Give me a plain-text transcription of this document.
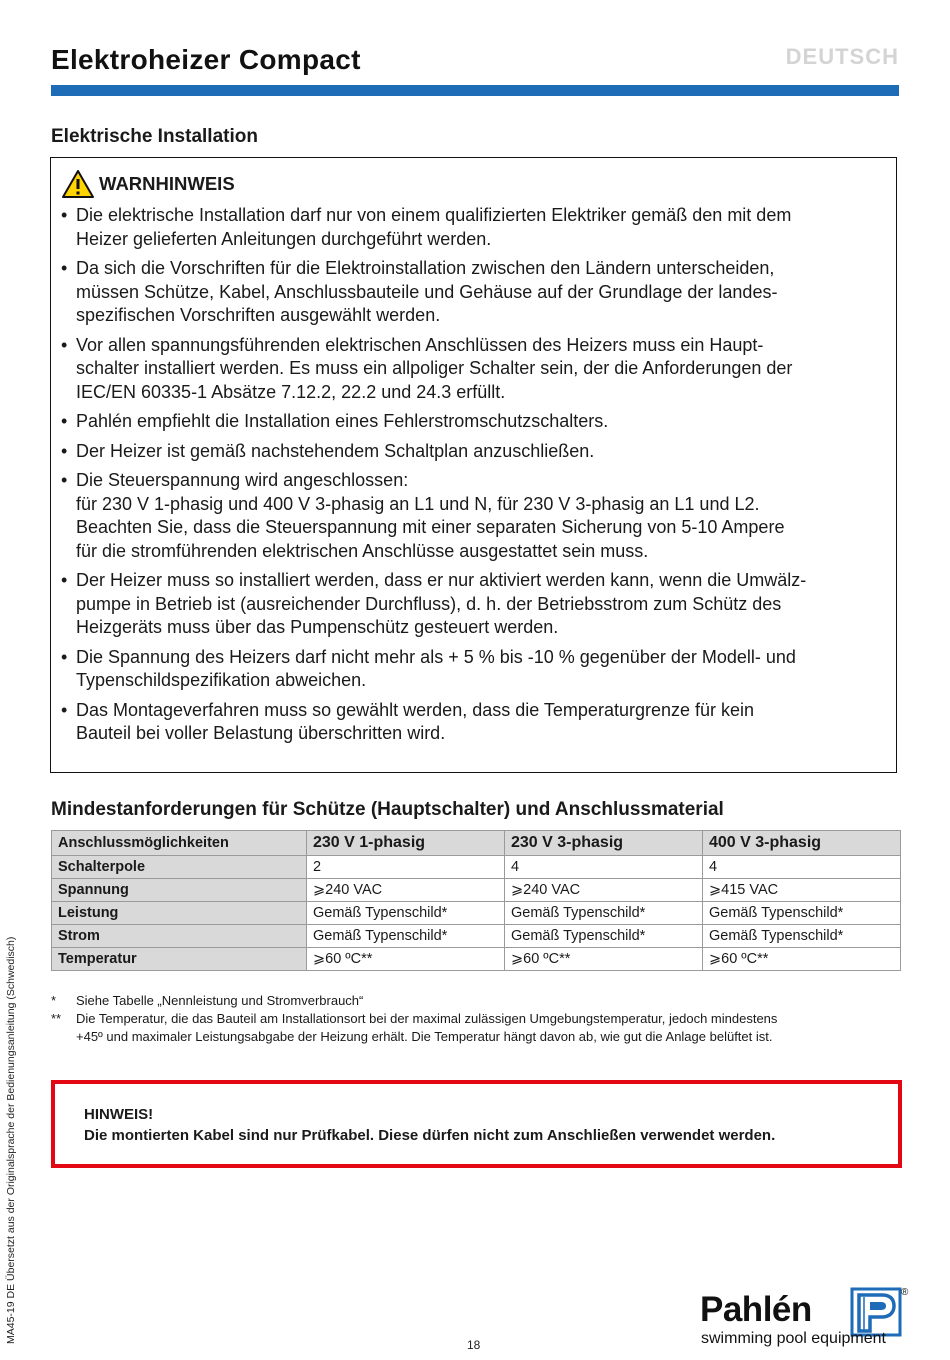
Elektroheizer Compact	DEUTSCH
Elektrische Installation
WARNHINWEIS
• Die elektrische Installation darf nur von einem qualifizierten Elektriker gemäß den mit dem
Heizer gelieferten Anleitungen durchgeführt werden.
• Da sich die Vorschriften für die Elektroinstallation zwischen den Ländern unterscheiden,
müssen Schütze, Kabel, Anschlussbauteile und Gehäuse auf der Grundlage der landes-
spezifischen Vorschriften ausgewählt werden.
• Vor allen spannungsführenden elektrischen Anschlüssen des Heizers muss ein Haupt-
schalter installiert werden. Es muss ein allpoliger Schalter sein, der die Anforderungen der
IEC/EN 60335-1 Absätze 7.12.2, 22.2 und 24.3 erfüllt.
• Pahlén empfiehlt die Installation eines Fehlerstromschutzschalters.
• Der Heizer ist gemäß nachstehendem Schaltplan anzuschließen.
• Die Steuerspannung wird angeschlossen:
für 230 V 1-phasig und 400 V 3-phasig an L1 und N, für 230 V 3-phasig an L1 und L2.
Beachten Sie, dass die Steuerspannung mit einer separaten Sicherung von 5-10 Ampere
für die stromführenden elektrischen Anschlüsse ausgestattet sein muss.
• Der Heizer muss so installiert werden, dass er nur aktiviert werden kann, wenn die Umwälz-
pumpe in Betrieb ist (ausreichender Durchfluss), d. h. der Betriebsstrom zum Schütz des
Heizgeräts muss über das Pumpenschütz gesteuert werden.
• Die Spannung des Heizers darf nicht mehr als + 5 % bis -10 % gegenüber der Modell- und
Typenschildspezifikation abweichen.
• Das Montageverfahren muss so gewählt werden, dass die Temperaturgrenze für kein
Bauteil bei voller Belastung überschritten wird.
Mindestanforderungen für Schütze (Hauptschalter) und Anschlussmaterial
Anschlussmöglichkeiten	230 V 1-phasig	230 V 3-phasig	400 V 3-phasig
Schalterpole	2	4	4
Spannung	⩾240 VAC	⩾240 VAC	⩾415 VAC
Leistung	Gemäß Typenschild*	Gemäß Typenschild*	Gemäß Typenschild*
Strom	Gemäß Typenschild*	Gemäß Typenschild*	Gemäß Typenschild*
Temperatur	⩾60 ºC**	⩾60 ºC**	⩾60 ºC**
*	Siehe Tabelle „Nennleistung und Stromverbrauch“
**	Die Temperatur, die das Bauteil am Installationsort bei der maximal zulässigen Umgebungstemperatur, jedoch mindestens
+45º und maximaler Leistungsabgabe der Heizung erhält. Die Temperatur hängt davon ab, wie gut die Anlage belüftet ist.
HINWEIS!
Die montierten Kabel sind nur Prüfkabel. Diese dürfen nicht zum Anschließen verwendet werden.
MA45-19 DE Übersetzt aus der Originalsprache der Bedienungsanleitung (Schwedisch)
18
Pahlén	®
swimming pool equipment
